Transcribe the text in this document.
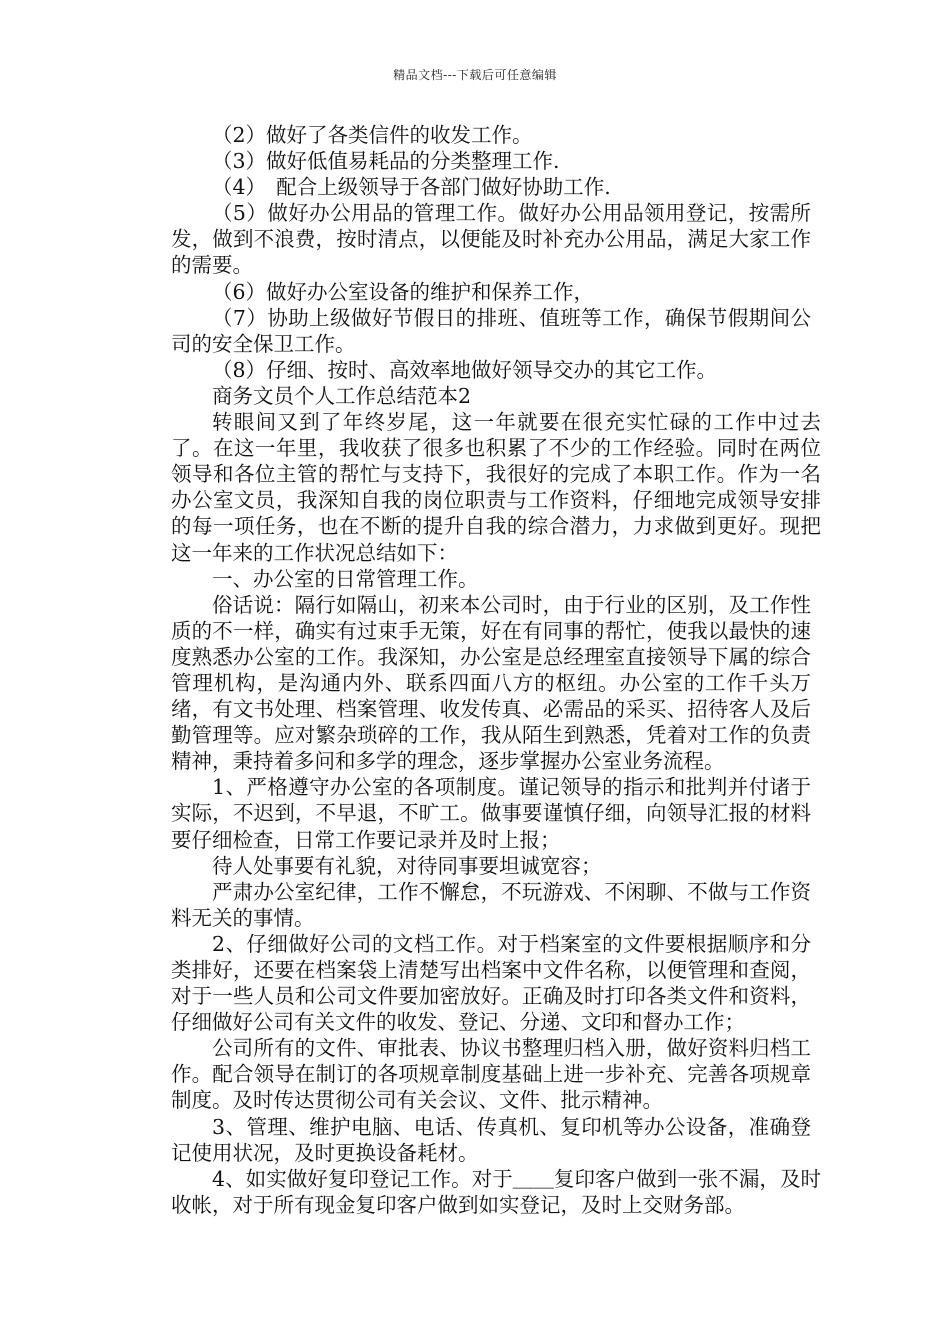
精品文档---下载后可任意编辑

（2）做好了各类信件的收发工作。

（3）做好低值易耗品的分类整理工作.

（4）　配合上级领导于各部门做好协助工作.

（5）做好办公用品的管理工作。做好办公用品领用登记，按需所发，做到不浪费，按时清点，以便能及时补充办公用品，满足大家工作的需要。

（6）做好办公室设备的维护和保养工作，

（7）协助上级做好节假日的排班、值班等工作，确保节假期间公司的安全保卫工作。

（8）仔细、按时、高效率地做好领导交办的其它工作。

商务文员个人工作总结范本2

转眼间又到了年终岁尾，这一年就要在很充实忙碌的工作中过去了。在这一年里，我收获了很多也积累了不少的工作经验。同时在两位领导和各位主管的帮忙与支持下，我很好的完成了本职工作。作为一名办公室文员，我深知自我的岗位职责与工作资料，仔细地完成领导安排的每一项任务，也在不断的提升自我的综合潜力，力求做到更好。现把这一年来的工作状况总结如下：

一、办公室的日常管理工作。

俗话说：隔行如隔山，初来本公司时，由于行业的区别，及工作性质的不一样，确实有过束手无策，好在有同事的帮忙，使我以最快的速度熟悉办公室的工作。我深知，办公室是总经理室直接领导下属的综合管理机构，是沟通内外、联系四面八方的枢纽。办公室的工作千头万绪，有文书处理、档案管理、收发传真、必需品的采买、招待客人及后勤管理等。应对繁杂琐碎的工作，我从陌生到熟悉，凭着对工作的负责精神，秉持着多问和多学的理念，逐步掌握办公室业务流程。

1、严格遵守办公室的各项制度。谨记领导的指示和批判并付诸于实际，不迟到，不早退，不旷工。做事要谨慎仔细，向领导汇报的材料要仔细检查，日常工作要记录并及时上报；

待人处事要有礼貌，对待同事要坦诚宽容；

严肃办公室纪律，工作不懈怠，不玩游戏、不闲聊、不做与工作资料无关的事情。

2、仔细做好公司的文档工作。对于档案室的文件要根据顺序和分类排好，还要在档案袋上清楚写出档案中文件名称，以便管理和查阅，对于一些人员和公司文件要加密放好。正确及时打印各类文件和资料，仔细做好公司有关文件的收发、登记、分递、文印和督办工作；

公司所有的文件、审批表、协议书整理归档入册，做好资料归档工作。配合领导在制订的各项规章制度基础上进一步补充、完善各项规章制度。及时传达贯彻公司有关会议、文件、批示精神。

3、管理、维护电脑、电话、传真机、复印机等办公设备，准确登记使用状况，及时更换设备耗材。

4、如实做好复印登记工作。对于＿＿复印客户做到一张不漏，及时收帐，对于所有现金复印客户做到如实登记，及时上交财务部。
